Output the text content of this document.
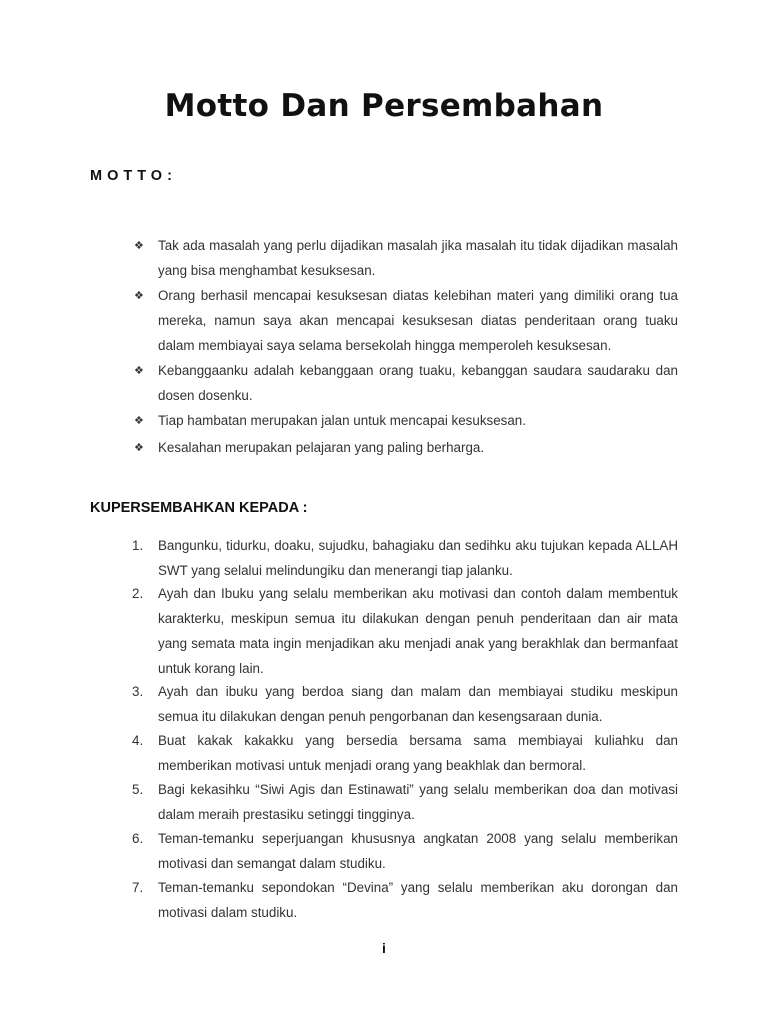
Motto Dan Persembahan
MOTTO:
❖	Tak ada masalah yang perlu dijadikan masalah jika masalah itu tidak dijadikan masalah yang bisa menghambat kesuksesan.
❖	Orang berhasil mencapai kesuksesan diatas kelebihan materi yang dimiliki orang tua mereka, namun saya akan mencapai kesuksesan diatas penderitaan orang tuaku dalam membiayai saya selama bersekolah hingga memperoleh kesuksesan.
❖	Kebanggaanku adalah kebanggaan orang tuaku, kebanggan saudara saudaraku dan dosen dosenku.
❖	Tiap hambatan merupakan jalan untuk mencapai kesuksesan.
❖	Kesalahan merupakan pelajaran yang paling berharga.
KUPERSEMBAHKAN KEPADA :
1.	Bangunku, tidurku, doaku, sujudku, bahagiaku dan sedihku aku tujukan kepada ALLAH SWT yang selalui melindungiku dan menerangi tiap jalanku.
2.	Ayah dan Ibuku yang selalu memberikan aku motivasi dan contoh dalam membentuk karakterku, meskipun semua itu dilakukan dengan penuh penderitaan dan air mata yang semata mata ingin menjadikan aku menjadi anak yang berakhlak dan bermanfaat untuk korang lain.
3.	Ayah dan ibuku yang berdoa siang dan malam dan membiayai studiku meskipun semua itu dilakukan dengan penuh pengorbanan dan kesengsaraan dunia.
4.	Buat kakak kakakku yang bersedia bersama sama membiayai kuliahku dan memberikan motivasi untuk menjadi orang yang beakhlak dan bermoral.
5.	Bagi kekasihku “Siwi Agis dan Estinawati” yang selalu memberikan doa dan motivasi dalam meraih prestasiku setinggi tingginya.
6.	Teman-temanku seperjuangan khususnya angkatan 2008 yang selalu memberikan motivasi dan semangat dalam studiku.
7.	Teman-temanku sepondokan “Devina” yang selalu memberikan aku dorongan dan motivasi dalam studiku.
i
